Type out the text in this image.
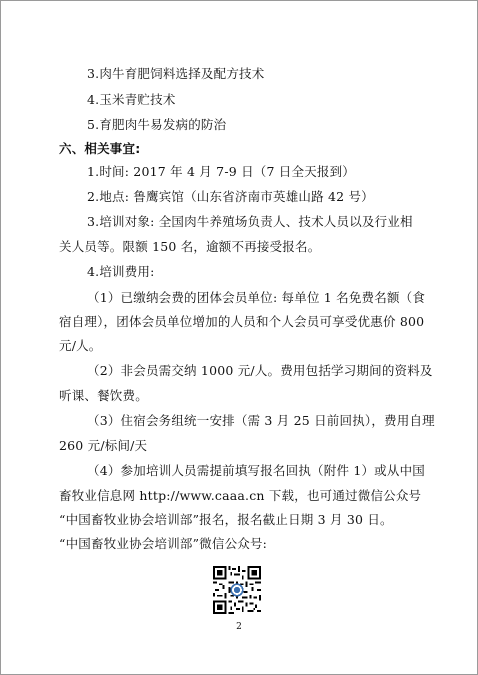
3.肉牛育肥饲料选择及配方技术
4.玉米青贮技术
5.育肥肉牛易发病的防治
六、相关事宜:
1.时间: 2017 年 4 月 7-9 日（7 日全天报到）
2.地点: 鲁鹰宾馆（山东省济南市英雄山路 42 号）
3.培训对象: 全国肉牛养殖场负责人、技术人员以及行业相
关人员等。限额 150 名，逾额不再接受报名。
4.培训费用:
（1）已缴纳会费的团体会员单位: 每单位 1 名免费名额（食
宿自理），团体会员单位增加的人员和个人会员可享受优惠价 800
元/人。
（2）非会员需交纳 1000 元/人。费用包括学习期间的资料及
听课、餐饮费。
（3）住宿会务组统一安排（需 3 月 25 日前回执），费用自理
260 元/标间/天
（4）参加培训人员需提前填写报名回执（附件 1）或从中国
畜牧业信息网 http://www.caaa.cn 下载，也可通过微信公众号
“中国畜牧业协会培训部”报名，报名截止日期 3 月 30 日。
“中国畜牧业协会培训部”微信公众号:
2
